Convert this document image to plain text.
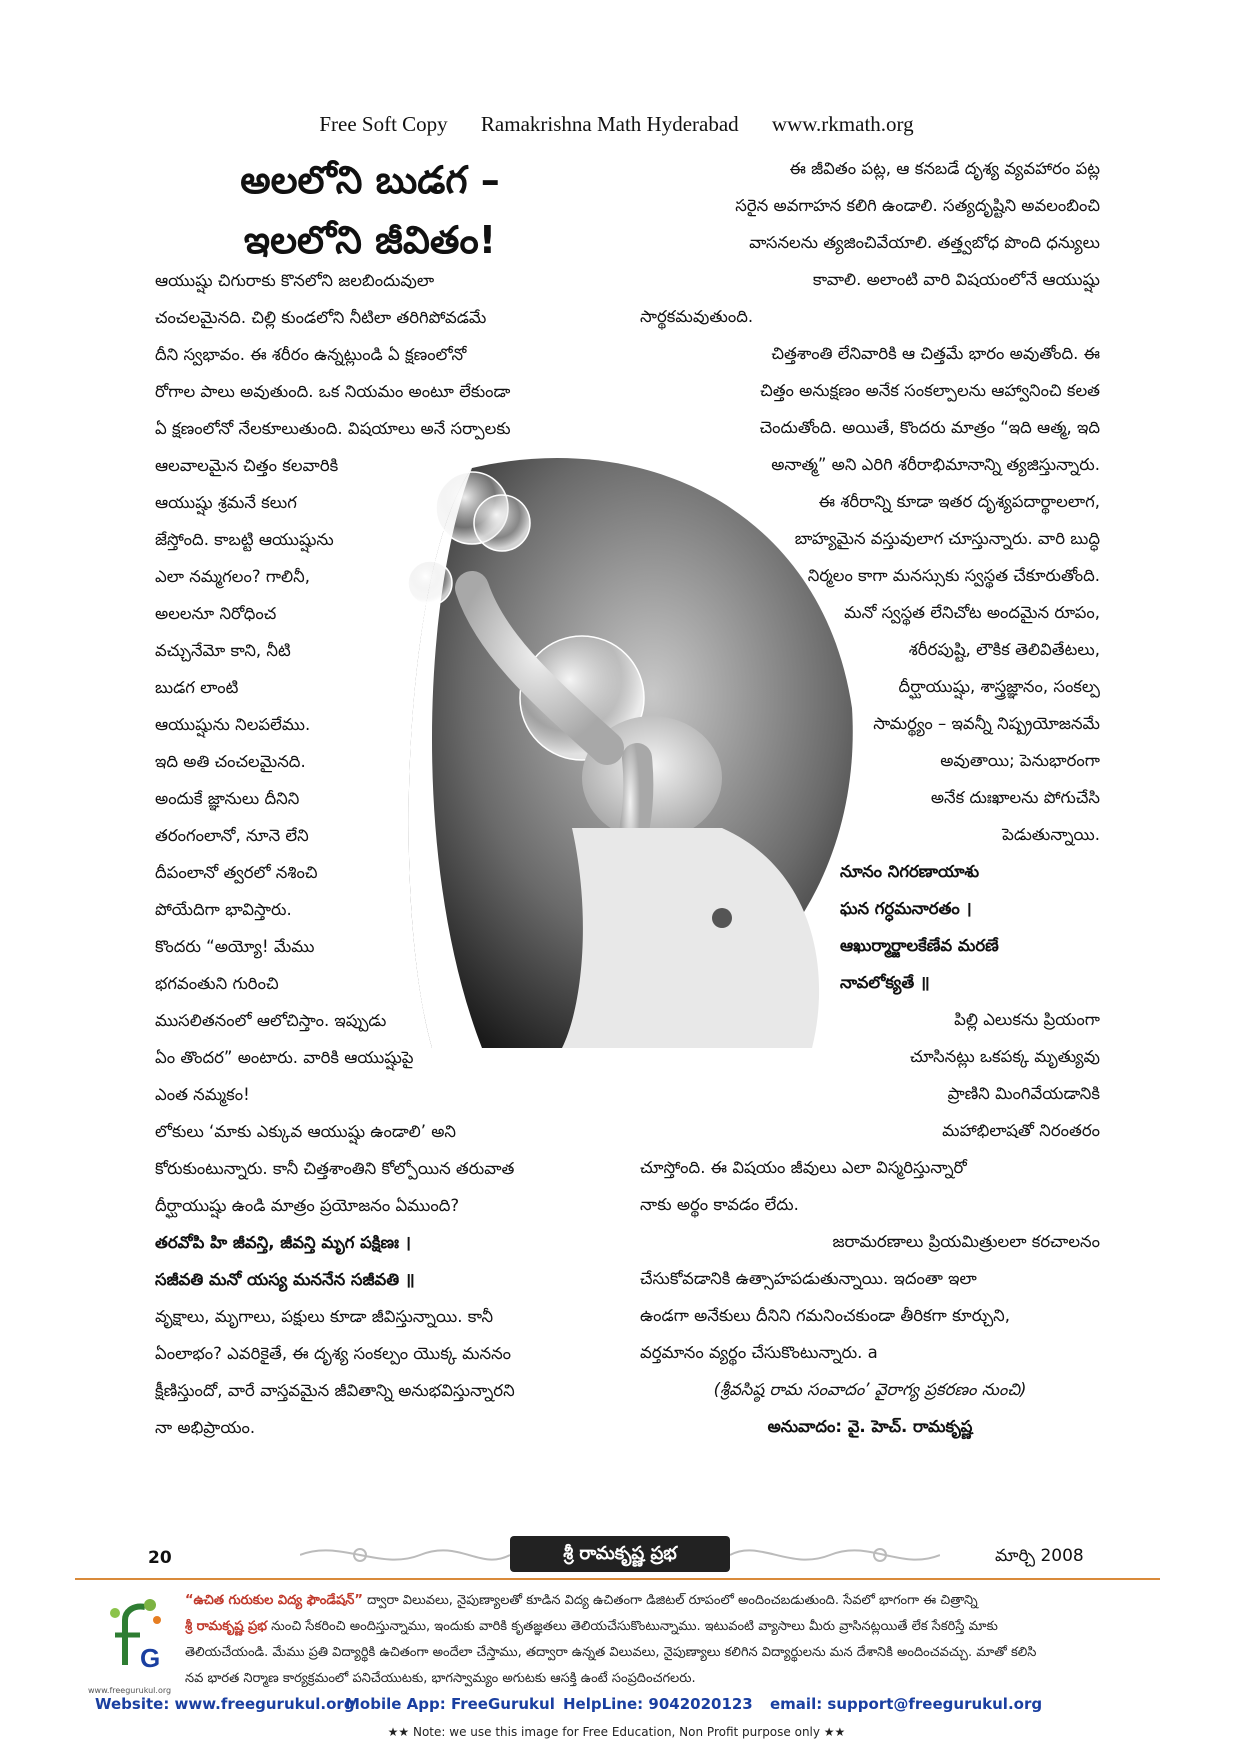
Free Soft Copy Ramakrishna Math Hyderabad www.rkmath.org
అలలోని బుడగ –
ఇలలోని జీవితం!
ఆయుష్షు చిగురాకు కొనలోని జలబిందువులా
చంచలమైనది. చిల్లి కుండలోని నీటిలా తరిగిపోవడమే
దీని స్వభావం. ఈ శరీరం ఉన్నట్లుండి ఏ క్షణంలోనో
రోగాల పాలు అవుతుంది. ఒక నియమం అంటూ లేకుండా
ఏ క్షణంలోనో నేలకూలుతుంది. విషయాలు అనే సర్పాలకు
ఆలవాలమైన చిత్తం కలవారికి
ఆయుష్షు శ్రమనే కలుగ
జేస్తోంది. కాబట్టి ఆయుష్షును
ఎలా నమ్మగలం? గాలినీ,
అలలనూ నిరోధించ
వచ్చునేమో కాని, నీటి
బుడగ లాంటి
ఆయుష్షును నిలపలేము.
ఇది అతి చంచలమైనది.
అందుకే జ్ఞానులు దీనిని
తరంగంలానో, నూనె లేని
దీపంలానో త్వరలో నశించి
పోయేదిగా భావిస్తారు.
కొందరు “అయ్యో! మేము
భగవంతుని గురించి
ముసలితనంలో ఆలోచిస్తాం. ఇప్పుడు
ఏం తొందర” అంటారు. వారికి ఆయుష్షుపై
ఎంత నమ్మకం!
లోకులు ‘మాకు ఎక్కువ ఆయుష్షు ఉండాలి’ అని
కోరుకుంటున్నారు. కానీ చిత్తశాంతిని కోల్పోయిన తరువాత
దీర్ఘాయుష్షు ఉండి మాత్రం ప్రయోజనం ఏముంది?
తరవోపి హి జీవన్తి, జీవన్తి మృగ పక్షిణః ।
సజీవతి మనో యస్య మననేన సజీవతి ॥
వృక్షాలు, మృగాలు, పక్షులు కూడా జీవిస్తున్నాయి. కానీ
ఏంలాభం? ఎవరికైతే, ఈ దృశ్య సంకల్పం యొక్క మననం
క్షీణిస్తుందో, వారే వాస్తవమైన జీవితాన్ని అనుభవిస్తున్నారని
నా అభిప్రాయం.
ఈ జీవితం పట్ల, ఆ కనబడే దృశ్య వ్యవహారం పట్ల
సరైన అవగాహన కలిగి ఉండాలి. సత్యదృష్టిని అవలంబించి
వాసనలను త్యజించివేయాలి. తత్త్వబోధ పొంది ధన్యులు
కావాలి. అలాంటి వారి విషయంలోనే ఆయుష్షు
సార్థకమవుతుంది.
చిత్తశాంతి లేనివారికి ఆ చిత్తమే భారం అవుతోంది. ఈ
చిత్తం అనుక్షణం అనేక సంకల్పాలను ఆహ్వానించి కలత
చెందుతోంది. అయితే, కొందరు మాత్రం “ఇది ఆత్మ, ఇది
అనాత్మ” అని ఎరిగి శరీరాభిమానాన్ని త్యజిస్తున్నారు.
ఈ శరీరాన్ని కూడా ఇతర దృశ్యపదార్థాలలాగ,
బాహ్యమైన వస్తువులాగ చూస్తున్నారు. వారి బుద్ధి
నిర్మలం కాగా మనస్సుకు స్వస్థత చేకూరుతోంది.
మనో స్వస్థత లేనిచోట అందమైన రూపం,
శరీరపుష్టి, లౌకిక తెలివితేటలు,
దీర్ఘాయుష్షు, శాస్త్రజ్ఞానం, సంకల్ప
సామర్థ్యం – ఇవన్నీ నిష్ప్రయోజనమే
అవుతాయి; పెనుభారంగా
అనేక దుఃఖాలను పోగుచేసి
పెడుతున్నాయి.
నూనం నిగరణాయాశు
ఘన గర్ధమనారతం ।
ఆఖుర్మార్జాలకేణేవ మరణే
నావలోక్యతే ॥
పిల్లి ఎలుకను ప్రియంగా
చూసినట్లు ఒకపక్క మృత్యువు
ప్రాణిని మింగివేయడానికి
మహాభిలాషతో నిరంతరం
చూస్తోంది. ఈ విషయం జీవులు ఎలా విస్మరిస్తున్నారో
నాకు అర్థం కావడం లేదు.
జరామరణాలు ప్రియమిత్రులలా కరచాలనం
చేసుకోవడానికి ఉత్సాహపడుతున్నాయి. ఇదంతా ఇలా
ఉండగా అనేకులు దీనిని గమనించకుండా తీరికగా కూర్చుని,
వర్తమానం వ్యర్థం చేసుకొంటున్నారు. a
(శ్రీవసిష్ఠ రామ సంవాదం’ వైరాగ్య ప్రకరణం నుంచి)
అనువాదం: వై. హెచ్. రామకృష్ణ
శ్రీ రామకృష్ణ ప్రభ
20	మార్చి 2008
G
www.freegurukul.org
“ఉచిత గురుకుల విద్య ఫౌండేషన్” ద్వారా విలువలు, నైపుణ్యాలతో కూడిన విద్య ఉచితంగా డిజిటల్ రూపంలో అందించబడుతుంది. సేవలో భాగంగా ఈ చిత్రాన్ని
శ్రీ రామకృష్ణ ప్రభ నుంచి సేకరించి అందిస్తున్నాము, ఇందుకు వారికి కృతజ్ఞతలు తెలియచేసుకొంటున్నాము. ఇటువంటి వ్యాసాలు మీరు వ్రాసినట్లయితే లేక సేకరిస్తే మాకు
తెలియచేయండి. మేము ప్రతి విద్యార్థికి ఉచితంగా అందేలా చేస్తాము, తద్వారా ఉన్నత విలువలు, నైపుణ్యాలు కలిగిన విద్యార్థులను మన దేశానికి అందించవచ్చు. మాతో కలిసి
నవ భారత నిర్మాణ కార్యక్రమంలో పనిచేయుటకు, భాగస్వామ్యం అగుటకు ఆసక్తి ఉంటే సంప్రదించగలరు.
Website: www.freegurukul.org
Mobile App: FreeGurukul HelpLine: 9042020123 email: support@freegurukul.org
★★ Note: we use this image for Free Education, Non Profit purpose only ★★
